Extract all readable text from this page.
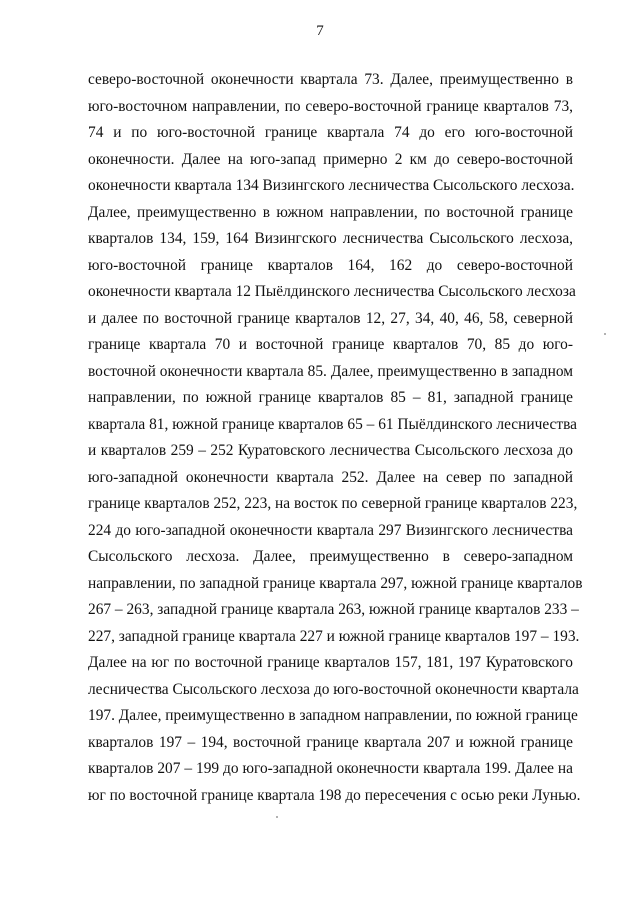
7
северо-восточной оконечности квартала 73. Далее, преимущественно в
юго-восточном направлении, по северо-восточной границе кварталов 73,
74 и по юго-восточной границе квартала 74 до его юго-восточной
оконечности. Далее на юго-запад примерно 2 км до северо-восточной
оконечности квартала 134 Визингского лесничества Сысольского лесхоза.
Далее, преимущественно в южном направлении, по восточной границе
кварталов 134, 159, 164 Визингского лесничества Сысольского лесхоза,
юго-восточной границе кварталов 164, 162 до северо-восточной
оконечности квартала 12 Пыёлдинского лесничества Сысольского лесхоза
и далее по восточной границе кварталов 12, 27, 34, 40, 46, 58, северной
границе квартала 70 и восточной границе кварталов 70, 85 до юго-
восточной оконечности квартала 85. Далее, преимущественно в западном
направлении, по южной границе кварталов 85 – 81, западной границе
квартала 81, южной границе кварталов 65 – 61 Пыёлдинского лесничества
и кварталов 259 – 252 Куратовского лесничества Сысольского лесхоза до
юго-западной оконечности квартала 252. Далее на север по западной
границе кварталов 252, 223, на восток по северной границе кварталов 223,
224 до юго-западной оконечности квартала 297 Визингского лесничества
Сысольского лесхоза. Далее, преимущественно в северо-западном
направлении, по западной границе квартала 297, южной границе кварталов
267 – 263, западной границе квартала 263, южной границе кварталов 233 –
227, западной границе квартала 227 и южной границе кварталов 197 – 193.
Далее на юг по восточной границе кварталов 157, 181, 197 Куратовского
лесничества Сысольского лесхоза до юго-восточной оконечности квартала
197. Далее, преимущественно в западном направлении, по южной границе
кварталов 197 – 194, восточной границе квартала 207 и южной границе
кварталов 207 – 199 до юго-западной оконечности квартала 199. Далее на
юг по восточной границе квартала 198 до пересечения с осью реки Лунью.
